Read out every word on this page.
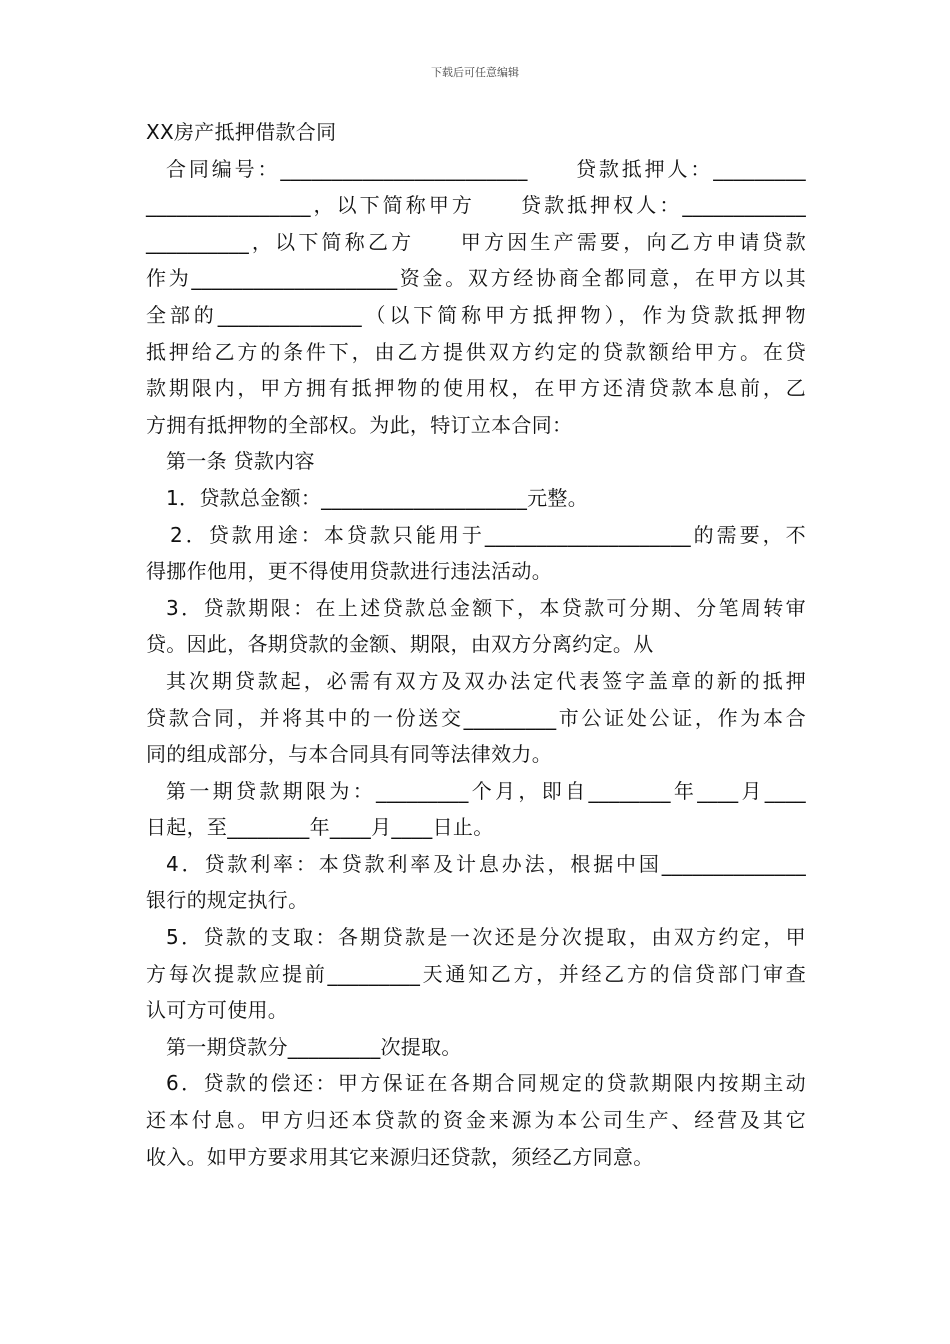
下载后可任意编辑
XX房产抵押借款合同
合同编号：________________________　　贷款抵押人：_________
________________，以下简称甲方　　贷款抵押权人：____________
__________，以下简称乙方　　甲方因生产需要，向乙方申请贷款
作为____________________资金。双方经协商全都同意，在甲方以其
全部的______________（以下简称甲方抵押物），作为贷款抵押物
抵押给乙方的条件下，由乙方提供双方约定的贷款额给甲方。在贷
款期限内，甲方拥有抵押物的使用权，在甲方还清贷款本息前，乙
方拥有抵押物的全部权。为此，特订立本合同：
第一条 贷款内容
1．贷款总金额：____________________元整。
2．贷款用途：本贷款只能用于____________________的需要，不
得挪作他用，更不得使用贷款进行违法活动。
3．贷款期限：在上述贷款总金额下，本贷款可分期、分笔周转审
贷。因此，各期贷款的金额、期限，由双方分离约定。从
其次期贷款起，必需有双方及双办法定代表签字盖章的新的抵押
贷款合同，并将其中的一份送交_________市公证处公证，作为本合
同的组成部分，与本合同具有同等法律效力。
第一期贷款期限为：_________个月，即自________年____月____
日起，至________年____月____日止。
4．贷款利率：本贷款利率及计息办法，根据中国______________
银行的规定执行。
5．贷款的支取：各期贷款是一次还是分次提取，由双方约定，甲
方每次提款应提前_________天通知乙方，并经乙方的信贷部门审查
认可方可使用。
第一期贷款分_________次提取。
6．贷款的偿还：甲方保证在各期合同规定的贷款期限内按期主动
还本付息。甲方归还本贷款的资金来源为本公司生产、经营及其它
收入。如甲方要求用其它来源归还贷款，须经乙方同意。
